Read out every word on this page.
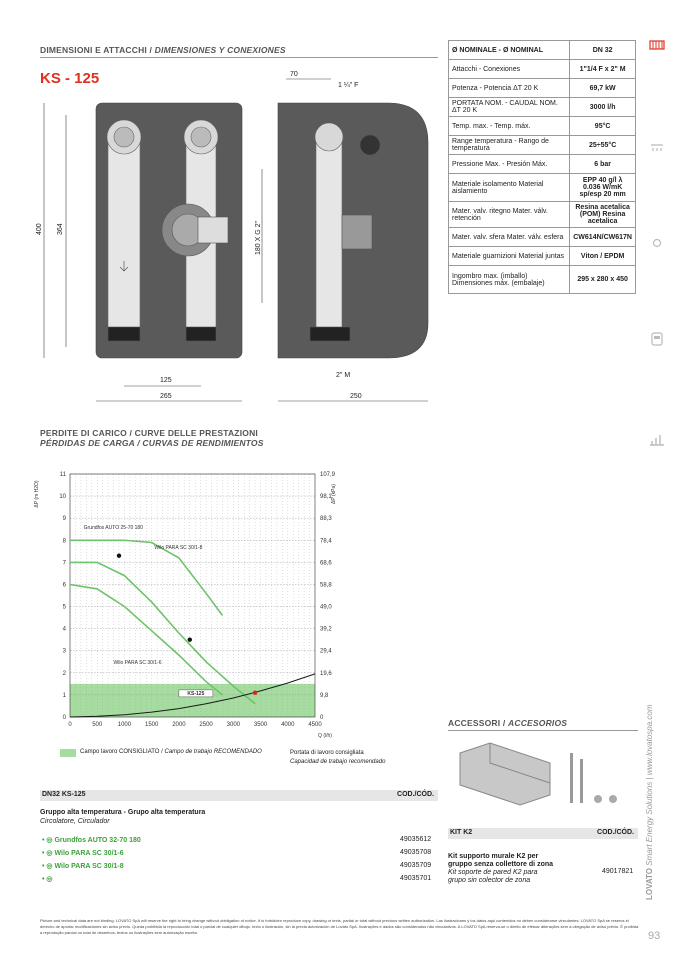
DIMENSIONI E ATTACCHI / DIMENSIONES Y CONEXIONES
KS - 125
400 364	180 X G 2"
125
265	250
70
1 ¼" F
2" M
Ø NOMINALE - Ø NOMINAL	DN 32
Attacchi - Conexiones	1"1/4 F x 2" M
Potenza - Potencia ΔT 20 K	69,7 kW
PORTATA NOM. - CAUDAL NOM. ΔT 20 K	3000 l/h
Temp. max. - Temp. máx.	95°C
Range temperatura - Rango de temperatura	25÷55°C
Pressione Max. - Presión Máx.	6 bar
Materiale isolamento Material aislamiento	EPP 40 g/l λ 0.036 W/mK sp/esp 20 mm
Mater. valv. ritegno Mater. válv. retención	Resina acetalica (POM) Resina acetalica
Mater. valv. sfera Mater. válv. esfera	CW614N/CW617N
Materiale guarnizioni Material juntas	Viton / EPDM
Ingombro max. (imballo) Dimensiones máx. (embalaje)	295 x 280 x 450
PERDITE DI CARICO / CURVE DELLE PRESTAZIONI
PÉRDIDAS DE CARGA / CURVAS DE RENDIMIENTOS
0
1
2
3
4
5
6
7
8
9
10
11
0
9,8
19,6
29,4
39,2
49,0
58,8
68,6
78,4
88,3
98,1
107,9
0	500	1000 1500 2000 2500 3000 3500 4000 4500
Q (l/h)
ΔP (m H2O)	ΔP (kPa)
Grundfos AUTO 25-70 180
Wilo PARA SC 30/1-8
Wilo PARA SC 30/1-6
KS-125
Campo lavoro CONSIGLIATO / Campo de trabajo RECOMENDADO	Portata di lavoro consigliata
Capacidad de trabajo recomendado
DN32 KS-125	COD./CÓD.
Gruppo alta temperatura - Grupo alta temperatura
Circolatore, Circulador
• ◎ Grundfos AUTO 32-70 180	49035612
• ◎ Wilo PARA SC 30/1-6	49035708
• ◎ Wilo PARA SC 30/1-8	49035709
• ◎	49035701
ACCESSORI / ACCESORIOS
KIT K2	COD./CÓD.
Kit supporto murale K2 per
gruppo senza collettore di zona
Kit soporte de pared K2 para
grupo sin colector de zona
49017821 LOVATO Smart Energy Solutions | www.lovatospa.com
Picture and technical data are not binding. LOVATO SpA will reserve the right to bring change without obbligation of notice. It is forbidden reproduce copy, drawing or texts, partial or total without previous written authorization. Las ilustraciones y los datos aqui contenidos no deben considerarse vinculantes. LOVATO SpA se reserva el derecho de aportar modificaciones sin aviso previo. Queda prohibida la reproducción total o parcial de cualquier dibujo, texto o ilustración, sin la previa autorización de Lovato SpA. Ilustrações e dados são considerados não vinculativos. A LOVATO SpA reserva-se o direito de efetuar alterações sem a obrigação de aviso prévio. É proibida a reprodução parcial ou total de desenhos, textos ou ilustrações sem autorização escrita.	93
